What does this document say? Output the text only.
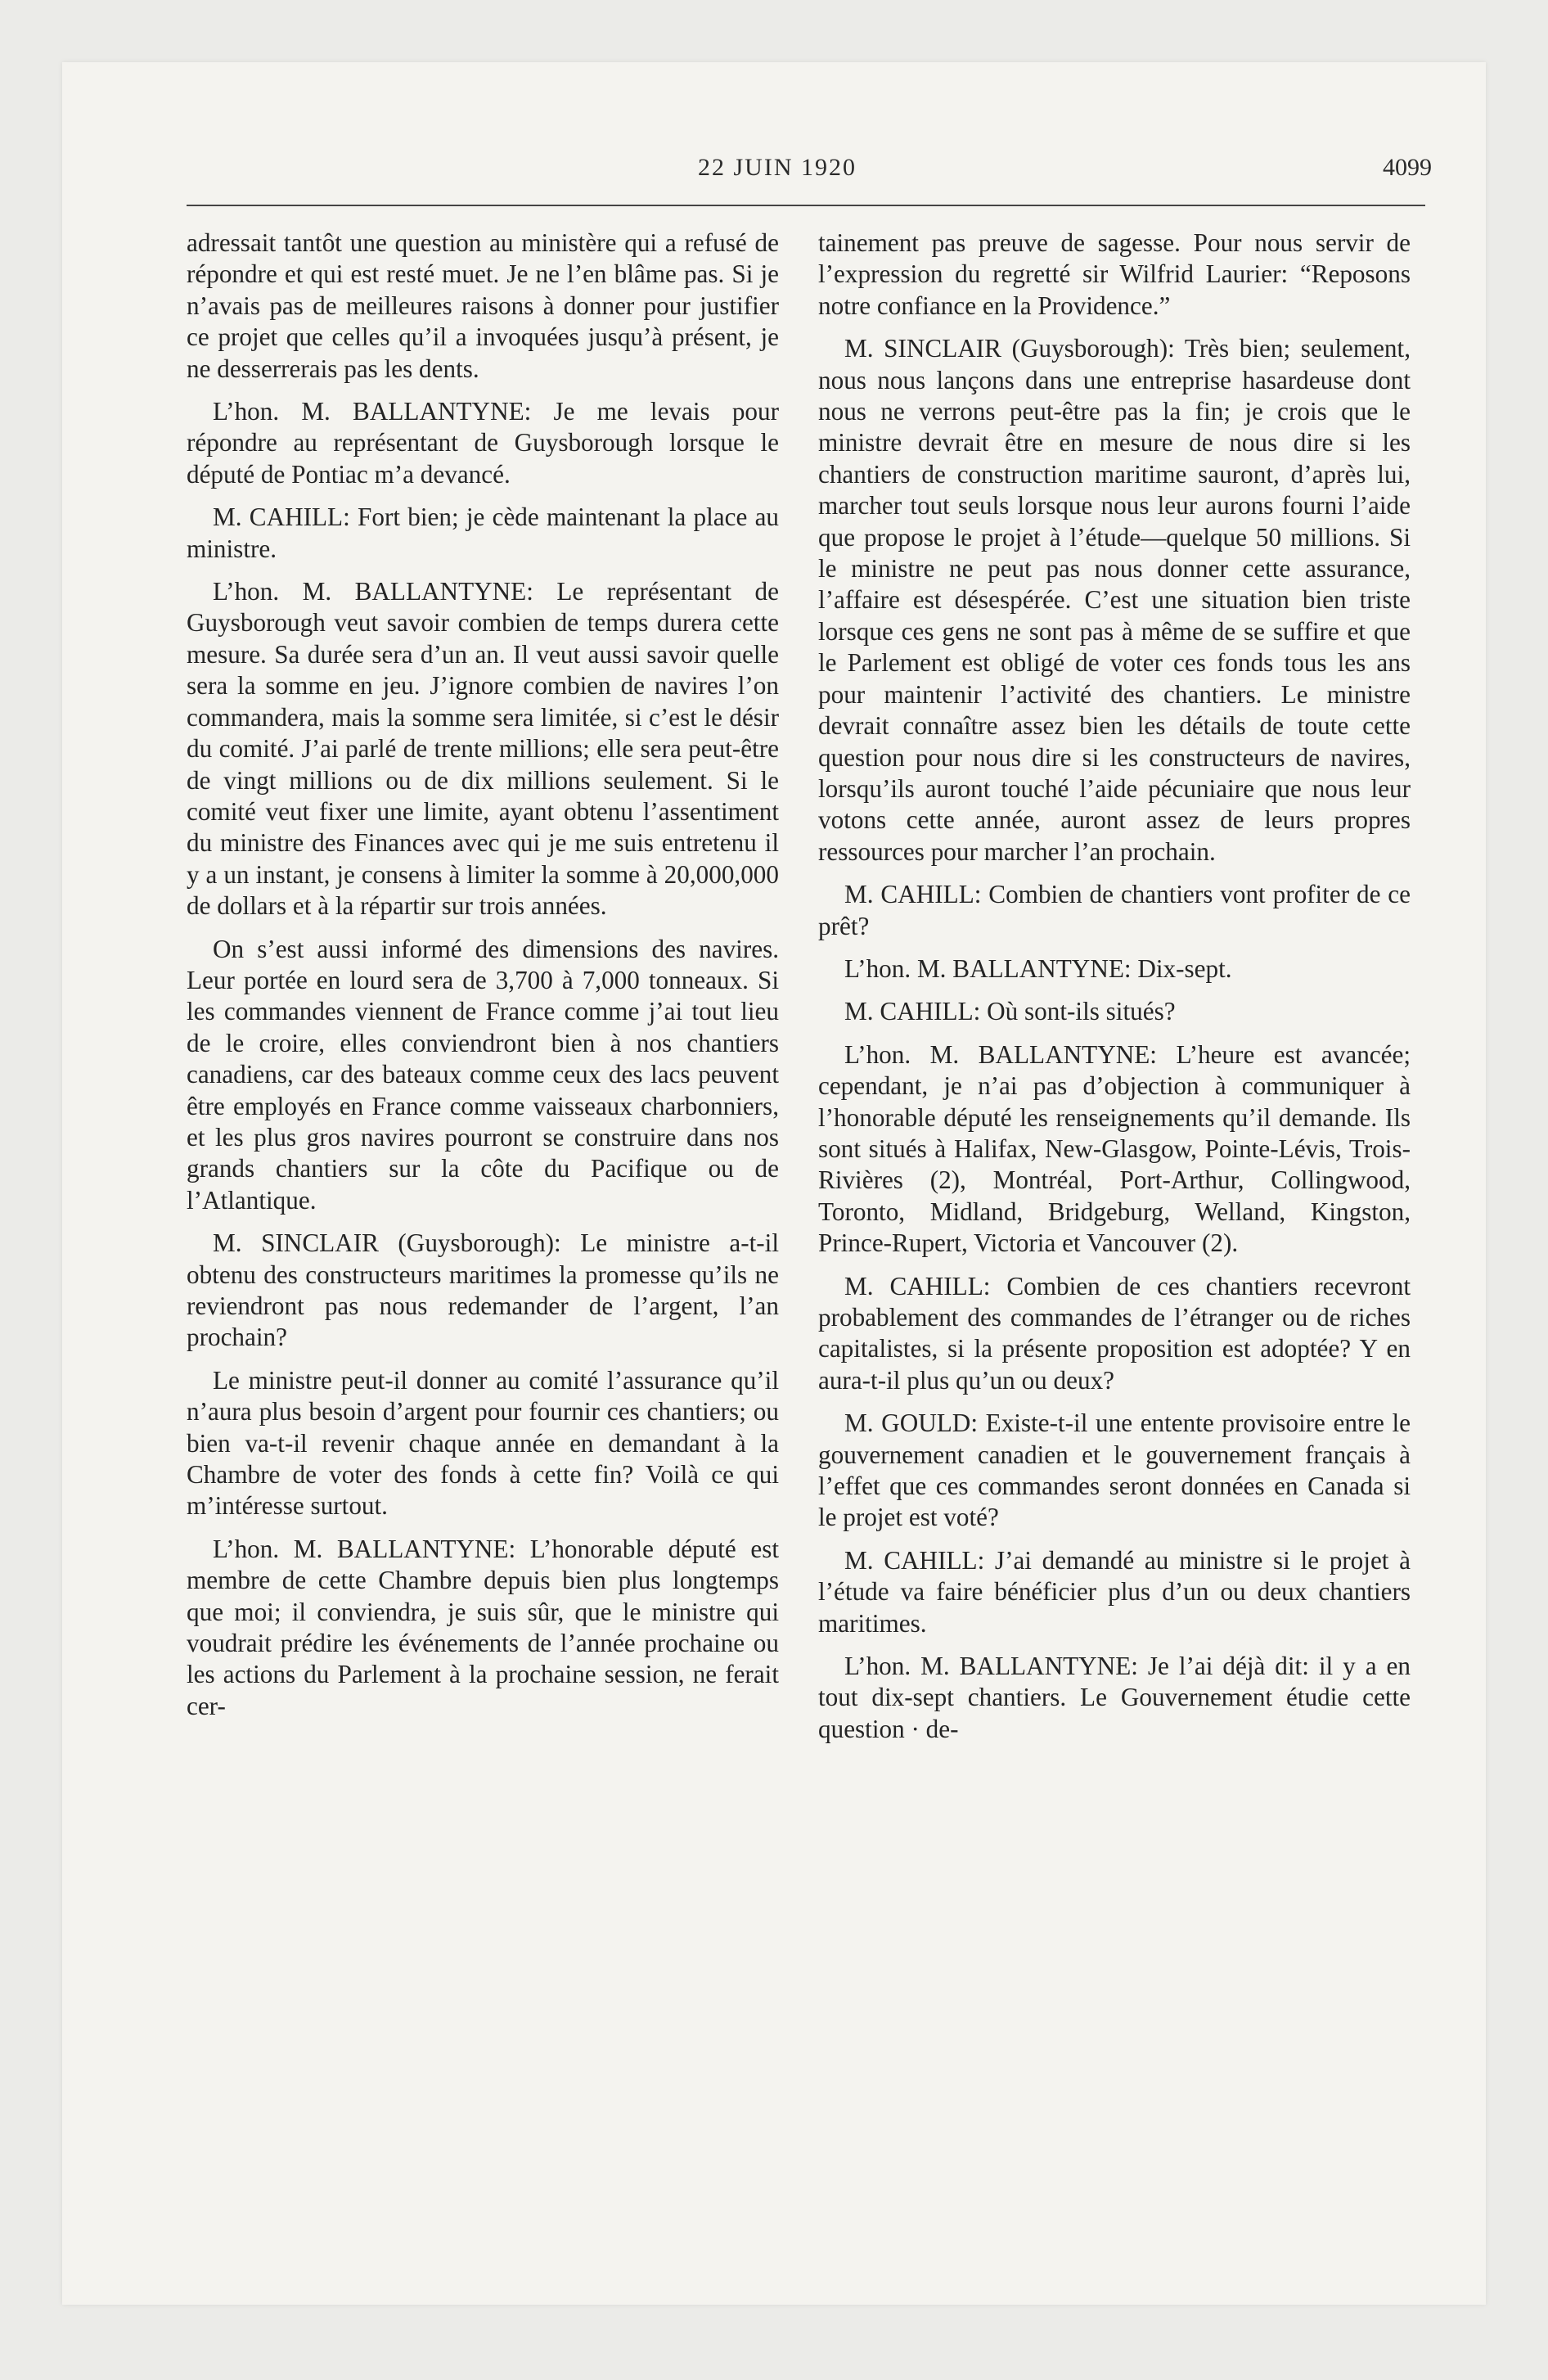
22 JUIN 1920	4099

adressait tantôt une question au ministère qui a refusé de répondre et qui est resté muet. Je ne l’en blâme pas. Si je n’avais pas de meilleures raisons à donner pour justifier ce projet que celles qu’il a invoquées jusqu’à présent, je ne desserrerais pas les dents.

L’hon. M. BALLANTYNE: Je me levais pour répondre au représentant de Guysborough lorsque le député de Pontiac m’a devancé.

M. CAHILL: Fort bien; je cède maintenant la place au ministre.

L’hon. M. BALLANTYNE: Le représentant de Guysborough veut savoir combien de temps durera cette mesure. Sa durée sera d’un an. Il veut aussi savoir quelle sera la somme en jeu. J’ignore combien de navires l’on commandera, mais la somme sera limitée, si c’est le désir du comité. J’ai parlé de trente millions; elle sera peut-être de vingt millions ou de dix millions seulement. Si le comité veut fixer une limite, ayant obtenu l’assentiment du ministre des Finances avec qui je me suis entretenu il y a un instant, je consens à limiter la somme à 20,000,000 de dollars et à la répartir sur trois années.

On s’est aussi informé des dimensions des navires. Leur portée en lourd sera de 3,700 à 7,000 tonneaux. Si les commandes viennent de France comme j’ai tout lieu de le croire, elles conviendront bien à nos chantiers canadiens, car des bateaux comme ceux des lacs peuvent être employés en France comme vaisseaux charbonniers, et les plus gros navires pourront se construire dans nos grands chantiers sur la côte du Pacifique ou de l’Atlantique.

M. SINCLAIR (Guysborough): Le ministre a-t-il obtenu des constructeurs maritimes la promesse qu’ils ne reviendront pas nous redemander de l’argent, l’an prochain?

Le ministre peut-il donner au comité l’assurance qu’il n’aura plus besoin d’argent pour fournir ces chantiers; ou bien va-t-il revenir chaque année en demandant à la Chambre de voter des fonds à cette fin? Voilà ce qui m’intéresse surtout.

L’hon. M. BALLANTYNE: L’honorable député est membre de cette Chambre depuis bien plus longtemps que moi; il conviendra, je suis sûr, que le ministre qui voudrait prédire les événements de l’année prochaine ou les actions du Parlement à la prochaine session, ne ferait cer-

tainement pas preuve de sagesse. Pour nous servir de l’expression du regretté sir Wilfrid Laurier: “Reposons notre confiance en la Providence.”

M. SINCLAIR (Guysborough): Très bien; seulement, nous nous lançons dans une entreprise hasardeuse dont nous ne verrons peut-être pas la fin; je crois que le ministre devrait être en mesure de nous dire si les chantiers de construction maritime sauront, d’après lui, marcher tout seuls lorsque nous leur aurons fourni l’aide que propose le projet à l’étude—quelque 50 millions. Si le ministre ne peut pas nous donner cette assurance, l’affaire est désespérée. C’est une situation bien triste lorsque ces gens ne sont pas à même de se suffire et que le Parlement est obligé de voter ces fonds tous les ans pour maintenir l’activité des chantiers. Le ministre devrait connaître assez bien les détails de toute cette question pour nous dire si les constructeurs de navires, lorsqu’ils auront touché l’aide pécuniaire que nous leur votons cette année, auront assez de leurs propres ressources pour marcher l’an prochain.

M. CAHILL: Combien de chantiers vont profiter de ce prêt?

L’hon. M. BALLANTYNE: Dix-sept.

M. CAHILL: Où sont-ils situés?

L’hon. M. BALLANTYNE: L’heure est avancée; cependant, je n’ai pas d’objection à communiquer à l’honorable député les renseignements qu’il demande. Ils sont situés à Halifax, New-Glasgow, Pointe-Lévis, Trois-Rivières (2), Montréal, Port-Arthur, Collingwood, Toronto, Midland, Bridgeburg, Welland, Kingston, Prince-Rupert, Victoria et Vancouver (2).

M. CAHILL: Combien de ces chantiers recevront probablement des commandes de l’étranger ou de riches capitalistes, si la présente proposition est adoptée? Y en aura-t-il plus qu’un ou deux?

M. GOULD: Existe-t-il une entente provisoire entre le gouvernement canadien et le gouvernement français à l’effet que ces commandes seront données en Canada si le projet est voté?

M. CAHILL: J’ai demandé au ministre si le projet à l’étude va faire bénéficier plus d’un ou deux chantiers maritimes.

L’hon. M. BALLANTYNE: Je l’ai déjà dit: il y a en tout dix-sept chantiers. Le Gouvernement étudie cette question · de-
